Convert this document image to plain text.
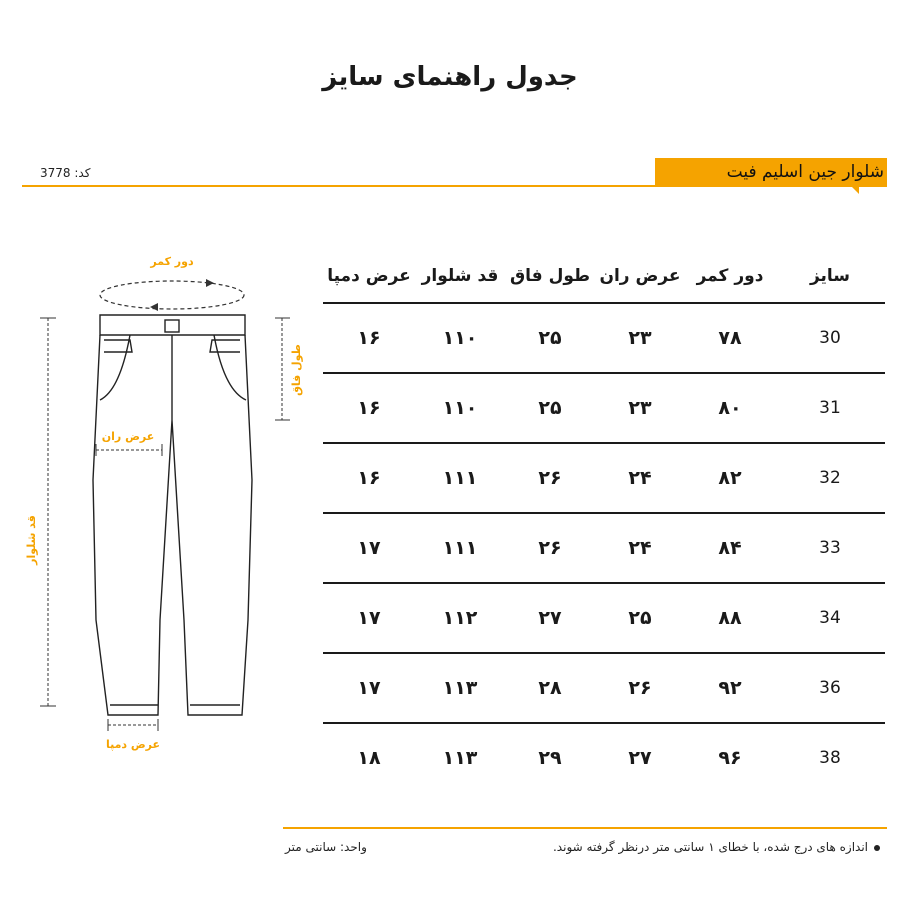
جدول راهنمای سایز
شلوار جین اسلیم فیت
کد: 3778
دور کمر
طول فاق
عرض ران
قد شلوار
عرض دمپا
سایز	دور کمر	عرض ران	طول فاق	قد شلوار	عرض دمپا
30	۷۸	۲۳	۲۵	۱۱۰	۱۶
31	۸۰	۲۳	۲۵	۱۱۰	۱۶
32	۸۲	۲۴	۲۶	۱۱۱	۱۶
33	۸۴	۲۴	۲۶	۱۱۱	۱۷
34	۸۸	۲۵	۲۷	۱۱۲	۱۷
36	۹۲	۲۶	۲۸	۱۱۳	۱۷
38	۹۶	۲۷	۲۹	۱۱۳	۱۸
اندازه های درج شده، با خطای ۱ سانتی متر درنظر گرفته شوند.
واحد: سانتی متر
